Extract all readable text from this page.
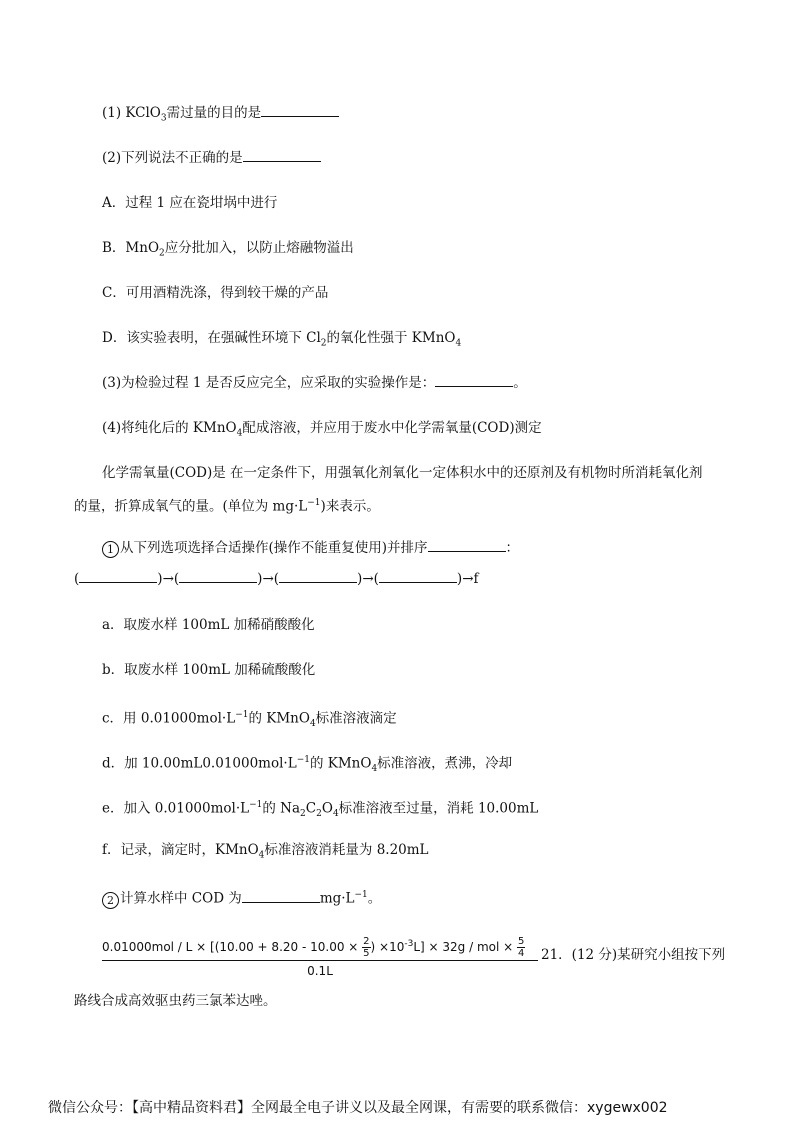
(1) KClO$_3$需过量的目的是
(2)下列说法不正确的是
A．过程 1 应在瓷坩埚中进行
B．MnO$_2$应分批加入，以防止熔融物溢出
C．可用酒精洗涤，得到较干燥的产品
D．该实验表明，在强碱性环境下 $Cl_2$的氧化性强于 KMnO$_4$
(3)为检验过程 1 是否反应完全，应采取的实验操作是：	。
(4)将纯化后的 KMnO$_4$配成溶液，并应用于废水中化学需氧量(COD)测定
化学需氧量(COD)是 在一定条件下，用强氧化剂氧化一定体积水中的还原剂及有机物时所消耗氧化剂
的量，折算成氧气的量。(单位为 $mg\cdot L^{-1}$)来表示。
1 从下列选项选择合适操作(操作不能重复使用)并排序	：
(	)→(	)→(	)→(	)→f
a．取废水样 100mL 加稀硝酸酸化
b．取废水样 100mL 加稀硫酸酸化
c．用 $0.01000mol\cdot L^{-1}$的 KMnO$_4$标准溶液滴定
d．加 $10.00mL0.01000mol\cdot L^{-1}$的 KMnO$_4$标准溶液，煮沸，冷却
e．加入 $0.01000mol\cdot L^{-1}$的 $Na_2C_2O_4$标准溶液至过量，消耗 10.00mL
f．记录，滴定时，KMnO$_4$标准溶液消耗量为 8.20mL
2 计算水样中 COD 为	$mg\cdot L^{-1}$。
$0.01000mol / L \times [(10.00 + 8.20 - 10.00 \times \frac{2}{5}$ ) $\times 10^{-3}L] \times 32g$ / mol × $\frac{5}{4}$
0.1L
21．(12 分)某研究小组按下列
路线合成高效驱虫药三氯苯达唑。
微信公众号：【高中精品资料君】全网最全电子讲义以及最全网课，有需要的联系微信：xygewx002
